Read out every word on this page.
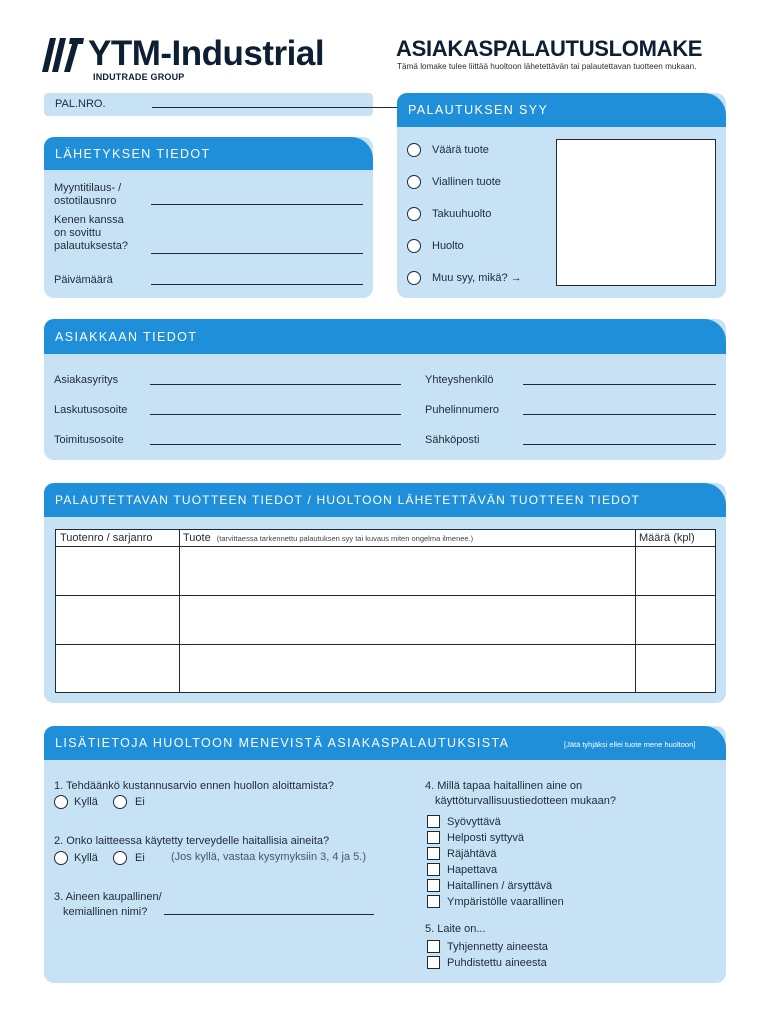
YTM-Industrial
INDUTRADE GROUP
ASIAKASPALAUTUSLOMAKE
Tämä lomake tulee liittää huoltoon lähetettävän tai palautettavan tuotteen mukaan.
PAL.NRO.
LÄHETYKSEN TIEDOT
Myyntitilaus- /
ostotilausnro
Kenen kanssa
on sovittu
palautuksesta?
Päivämäärä
PALAUTUKSEN SYY
Väärä tuote
Viallinen tuote
Takuuhuolto
Huolto
Muu syy, mikä? →
ASIAKKAAN TIEDOT
Asiakasyritys
Laskutusosoite
Toimitusosoite
Yhteyshenkilö
Puhelinnumero
Sähköposti
PALAUTETTAVAN TUOTTEEN TIEDOT / HUOLTOON LÄHETETTÄVÄN TUOTTEEN TIEDOT
Tuotenro / sarjanro	Tuote (tarvittaessa tarkennettu palautuksen syy tai kuvaus miten ongelma ilmenee.)	Määrä (kpl)
LISÄTIETOJA HUOLTOON MENEVISTÄ ASIAKASPALAUTUKSISTA	[Jätä tyhjäksi ellei tuote mene huoltoon]
1. Tehdäänkö kustannusarvio ennen huollon aloittamista?
Kyllä	Ei
2. Onko laitteessa käytetty terveydelle haitallisia aineita?
Kyllä	Ei (Jos kyllä, vastaa kysymyksiin 3, 4 ja 5.)
3. Aineen kaupallinen/
kemiallinen nimi?
4. Millä tapaa haitallinen aine on
käyttöturvallisuustiedotteen mukaan?
Syövyttävä
Helposti syttyvä
Räjähtävä
Hapettava
Haitallinen / ärsyttävä
Ympäristölle vaarallinen
5. Laite on...
Tyhjennetty aineesta
Puhdistettu aineesta
